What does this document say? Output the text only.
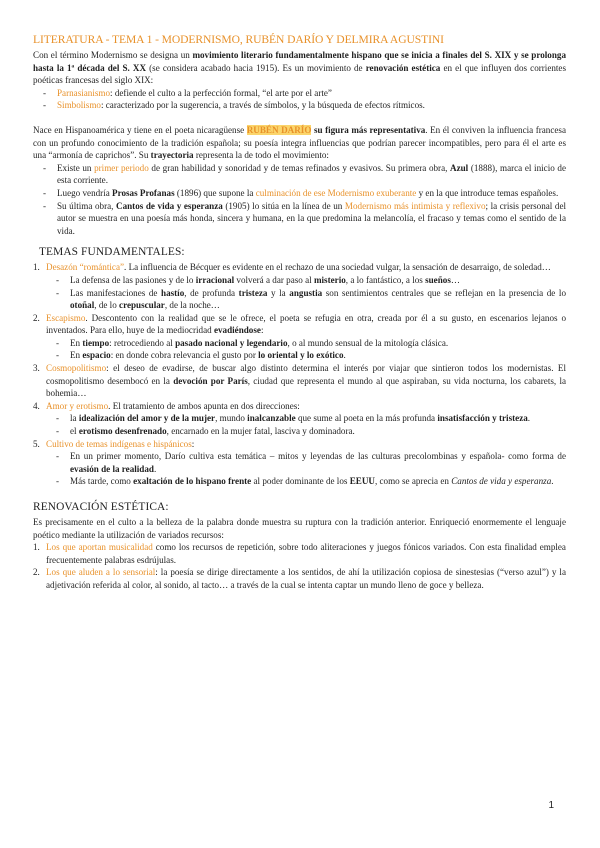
LITERATURA - TEMA 1 - MODERNISMO, RUBÉN DARÍO Y DELMIRA AGUSTINI

Con el término Modernismo se designa un movimiento literario fundamentalmente hispano que se inicia a finales del S. XIX y se prolonga hasta la 1ª década del S. XX (se considera acabado hacia 1915). Es un movimiento de renovación estética en el que influyen dos corrientes poéticas francesas del siglo XIX:

- Parnasianismo: defiende el culto a la perfección formal, “el arte por el arte”
- Simbolismo: caracterizado por la sugerencia, a través de símbolos, y la búsqueda de efectos rítmicos.

Nace en Hispanoamérica y tiene en el poeta nicaragüense RUBÉN DARÍO su figura más representativa. En él conviven la influencia francesa con un profundo conocimiento de la tradición española; su poesía integra influencias que podrían parecer incompatibles, pero para él el arte es una “armonía de caprichos”. Su trayectoria representa la de todo el movimiento:

- Existe un primer periodo de gran habilidad y sonoridad y de temas refinados y evasivos. Su primera obra, Azul (1888), marca el inicio de esta corriente.
- Luego vendría Prosas Profanas (1896) que supone la culminación de ese Modernismo exuberante y en la que introduce temas españoles.
- Su última obra, Cantos de vida y esperanza (1905) lo sitúa en la línea de un Modernismo más intimista y reflexivo; la crisis personal del autor se muestra en una poesía más honda, sincera y humana, en la que predomina la melancolía, el fracaso y temas como el sentido de la vida.
TEMAS FUNDAMENTALES:
1. Desazón “romántica”. La influencia de Bécquer es evidente en el rechazo de una sociedad vulgar, la sensación de desarraigo, de soledad…
- La defensa de las pasiones y de lo irracional volverá a dar paso al misterio, a lo fantástico, a los sueños…
- Las manifestaciones de hastío, de profunda tristeza y la angustia son sentimientos centrales que se reflejan en la presencia de lo otoñal, de lo crepuscular, de la noche…
2. Escapismo. Descontento con la realidad que se le ofrece, el poeta se refugia en otra, creada por él a su gusto, en escenarios lejanos o inventados. Para ello, huye de la mediocridad evadiéndose:
- En tiempo: retrocediendo al pasado nacional y legendario, o al mundo sensual de la mitología clásica.
- En espacio: en donde cobra relevancia el gusto por lo oriental y lo exótico.
3. Cosmopolitismo: el deseo de evadirse, de buscar algo distinto determina el interés por viajar que sintieron todos los modernistas. El cosmopolitismo desembocó en la devoción por París, ciudad que representa el mundo al que aspiraban, su vida nocturna, los cabarets, la bohemia…
4. Amor y erotismo. El tratamiento de ambos apunta en dos direcciones:
- la idealización del amor y de la mujer, mundo inalcanzable que sume al poeta en la más profunda insatisfacción y tristeza.
- el erotismo desenfrenado, encarnado en la mujer fatal, lasciva y dominadora.
5. Cultivo de temas indígenas e hispánicos:
- En un primer momento, Darío cultiva esta temática – mitos y leyendas de las culturas precolombinas y española- como forma de evasión de la realidad.
- Más tarde, como exaltación de lo hispano frente al poder dominante de los EEUU, como se aprecia en Cantos de vida y esperanza.
RENOVACIÓN ESTÉTICA:

Es precisamente en el culto a la belleza de la palabra donde muestra su ruptura con la tradición anterior. Enriqueció enormemente el lenguaje poético mediante la utilización de variados recursos:

1. Los que aportan musicalidad como los recursos de repetición, sobre todo aliteraciones y juegos fónicos variados. Con esta finalidad emplea frecuentemente palabras esdrújulas.
2. Los que aluden a lo sensorial: la poesía se dirige directamente a los sentidos, de ahí la utilización copiosa de sinestesias (“verso azul”) y la adjetivación referida al color, al sonido, al tacto… a través de la cual se intenta captar un mundo lleno de goce y belleza.
1
